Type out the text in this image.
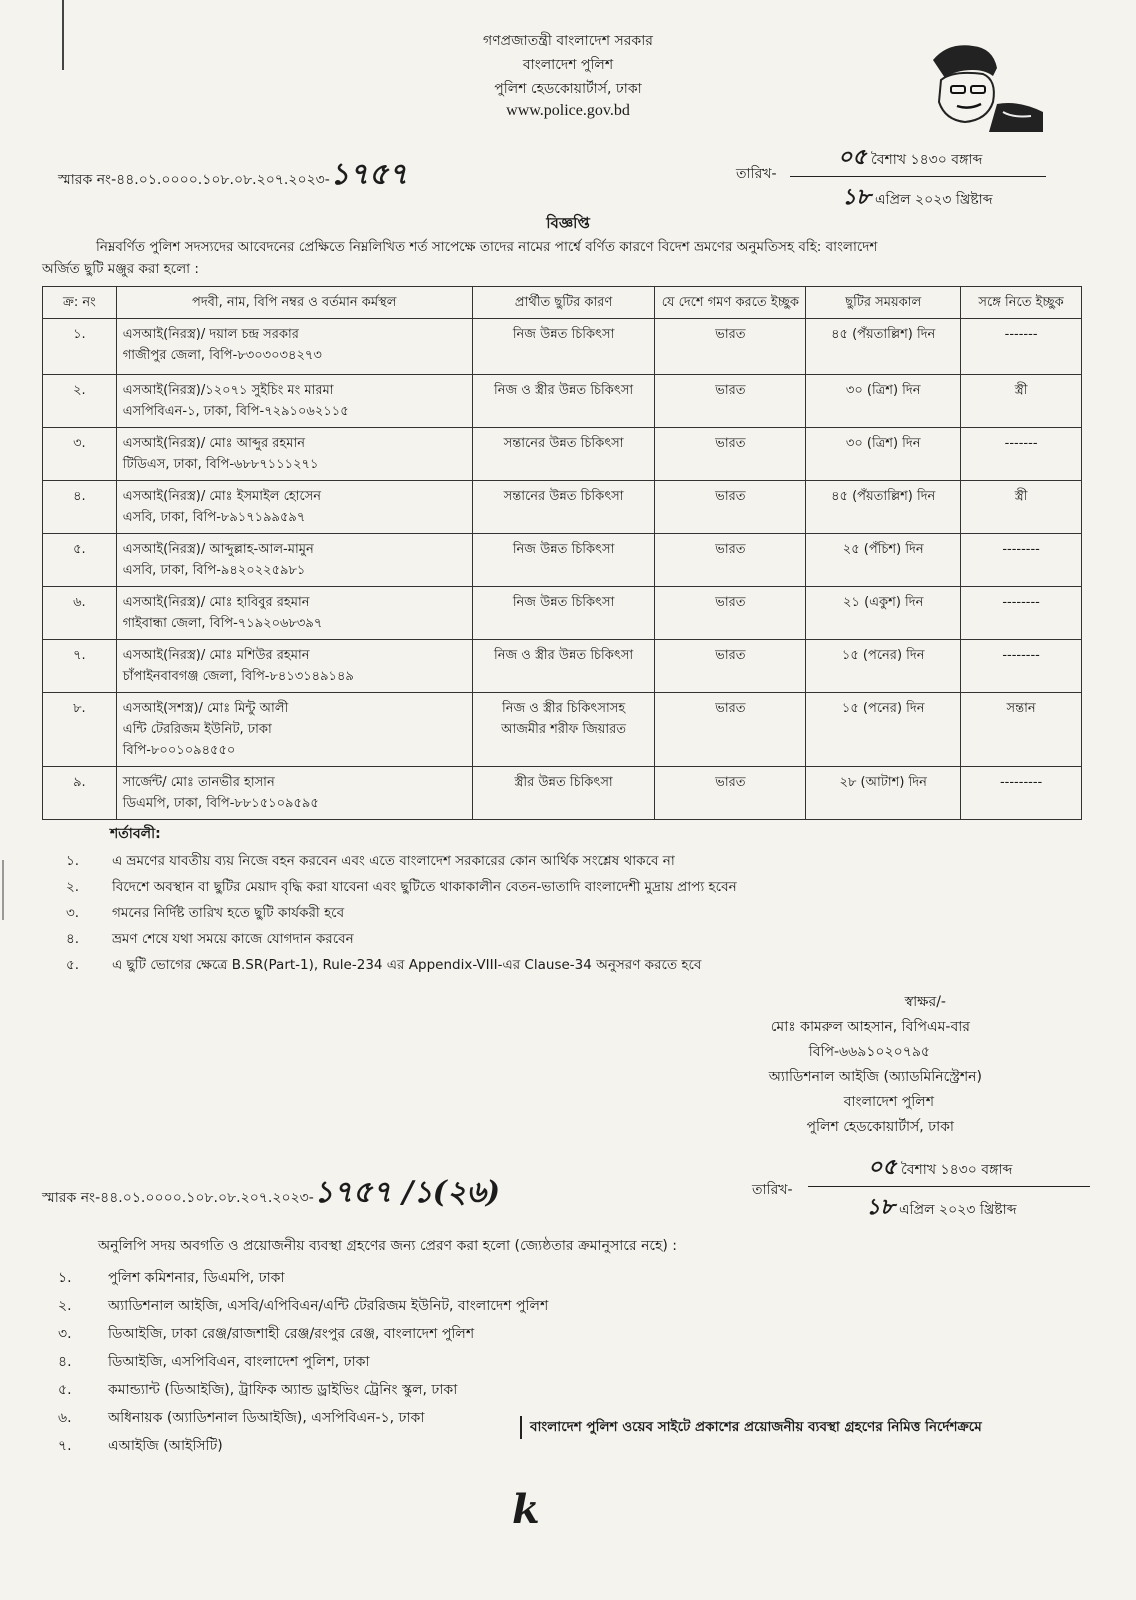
গণপ্রজাতন্ত্রী বাংলাদেশ সরকার
বাংলাদেশ পুলিশ
পুলিশ হেডকোয়ার্টার্স, ঢাকা
www.police.gov.bd
স্মারক নং-৪৪.০১.০০০০.১০৮.০৮.২০৭.২০২৩-১৭৫৭	তারিখ-
০৫ বৈশাখ ১৪৩০ বঙ্গাব্দ
১৮ এপ্রিল ২০২৩ খ্রিষ্টাব্দ
বিজ্ঞপ্তি
নিম্নবর্ণিত পুলিশ সদস্যদের আবেদনের প্রেক্ষিতে নিম্নলিখিত শর্ত সাপেক্ষে তাদের নামের পার্শ্বে বর্ণিত কারণে বিদেশ ভ্রমণের অনুমতিসহ বহি: বাংলাদেশ
অর্জিত ছুটি মঞ্জুর করা হলো :
ক্র: নং	পদবী, নাম, বিপি নম্বর ও বর্তমান কর্মস্থল	প্রার্থীত ছুটির কারণ	যে দেশে গমণ করতে ইচ্ছুক	ছুটির সময়কাল	সঙ্গে নিতে ইচ্ছুক

১.	এসআই(নিরস্ত্র)/ দয়াল চন্দ্র সরকার
গাজীপুর জেলা, বিপি-৮৩০৩০৩৪২৭৩	নিজ উন্নত চিকিৎসা	ভারত	৪৫ (পঁয়তাল্লিশ) দিন	-------

২.	এসআই(নিরস্ত্র)/১২০৭১ সুইচিং মং মারমা
এসপিবিএন-১, ঢাকা, বিপি-৭২৯১০৬২১১৫	নিজ ও স্ত্রীর উন্নত চিকিৎসা	ভারত	৩০ (ত্রিশ) দিন	স্ত্রী

৩.	এসআই(নিরস্ত্র)/ মোঃ আব্দুর রহমান
টিডিএস, ঢাকা, বিপি-৬৮৮৭১১১২৭১	সন্তানের উন্নত চিকিৎসা	ভারত	৩০ (ত্রিশ) দিন	-------

৪.	এসআই(নিরস্ত্র)/ মোঃ ইসমাইল হোসেন
এসবি, ঢাকা, বিপি-৮৯১৭১৯৯৫৯৭	সন্তানের উন্নত চিকিৎসা	ভারত	৪৫ (পঁয়তাল্লিশ) দিন	স্ত্রী

৫.	এসআই(নিরস্ত্র)/ আব্দুল্লাহ-আল-মামুন
এসবি, ঢাকা, বিপি-৯৪২০২২৫৯৮১	নিজ উন্নত চিকিৎসা	ভারত	২৫ (পঁচিশ) দিন	--------

৬.	এসআই(নিরস্ত্র)/ মোঃ হাবিবুর রহমান
গাইবান্ধা জেলা, বিপি-৭১৯২০৬৮৩৯৭	নিজ উন্নত চিকিৎসা	ভারত	২১ (একুশ) দিন	--------

৭.	এসআই(নিরস্ত্র)/ মোঃ মশিউর রহমান
চাঁপাইনবাবগঞ্জ জেলা, বিপি-৮৪১৩১৪৯১৪৯	নিজ ও স্ত্রীর উন্নত চিকিৎসা	ভারত	১৫ (পনের) দিন	--------

৮.	এসআই(সশস্ত্র)/ মোঃ মিন্টু আলী
এন্টি টেররিজম ইউনিট, ঢাকা
বিপি-৮০০১০৯৪৫৫০	নিজ ও স্ত্রীর চিকিৎসাসহ আজমীর শরীফ জিয়ারত	ভারত	১৫ (পনের) দিন	সন্তান

৯.	সার্জেন্ট/ মোঃ তানভীর হাসান
ডিএমপি, ঢাকা, বিপি-৮৮১৫১০৯৫৯৫	স্ত্রীর উন্নত চিকিৎসা	ভারত	২৮ (আটাশ) দিন	---------
শর্তাবলী:
১. এ ভ্রমণের যাবতীয় ব্যয় নিজে বহন করবেন এবং এতে বাংলাদেশ সরকারের কোন আর্থিক সংশ্লেষ থাকবে না
২. বিদেশে অবস্থান বা ছুটির মেয়াদ বৃদ্ধি করা যাবেনা এবং ছুটিতে থাকাকালীন বেতন-ভাতাদি বাংলাদেশী মুদ্রায় প্রাপ্য হবেন
৩. গমনের নির্দিষ্ট তারিখ হতে ছুটি কার্যকরী হবে
৪. ভ্রমণ শেষে যথা সময়ে কাজে যোগদান করবেন
৫. এ ছুটি ভোগের ক্ষেত্রে B.SR(Part-1), Rule-234 এর Appendix-VIII-এর Clause-34 অনুসরণ করতে হবে
স্বাক্ষর/-
মোঃ কামরুল আহসান, বিপিএম-বার
বিপি-৬৬৯১০২০৭৯৫
অ্যাডিশনাল আইজি (অ্যাডমিনিস্ট্রেশন)
বাংলাদেশ পুলিশ
পুলিশ হেডকোয়ার্টার্স, ঢাকা
স্মারক নং-৪৪.০১.০০০০.১০৮.০৮.২০৭.২০২৩-১৭৫৭ /১(২৬)	তারিখ-
০৫ বৈশাখ ১৪৩০ বঙ্গাব্দ
১৮ এপ্রিল ২০২৩ খ্রিষ্টাব্দ
অনুলিপি সদয় অবগতি ও প্রয়োজনীয় ব্যবস্থা গ্রহণের জন্য প্রেরণ করা হলো (জ্যেষ্ঠতার ক্রমানুসারে নহে) :
১.	পুলিশ কমিশনার, ডিএমপি, ঢাকা
২.	অ্যাডিশনাল আইজি, এসবি/এপিবিএন/এন্টি টেররিজম ইউনিট, বাংলাদেশ পুলিশ
৩.	ডিআইজি, ঢাকা রেঞ্জ/রাজশাহী রেঞ্জ/রংপুর রেঞ্জ, বাংলাদেশ পুলিশ
৪.	ডিআইজি, এসপিবিএন, বাংলাদেশ পুলিশ, ঢাকা
৫.	কমান্ড্যান্ট (ডিআইজি), ট্রাফিক অ্যান্ড ড্রাইভিং ট্রেনিং স্কুল, ঢাকা
৬.	অধিনায়ক (অ্যাডিশনাল ডিআইজি), এসপিবিএন-১, ঢাকা
৭.	এআইজি (আইসিটি)
বাংলাদেশ পুলিশ ওয়েব সাইটে প্রকাশের প্রয়োজনীয় ব্যবস্থা গ্রহণের নিমিত্ত নির্দেশক্রমে
k
